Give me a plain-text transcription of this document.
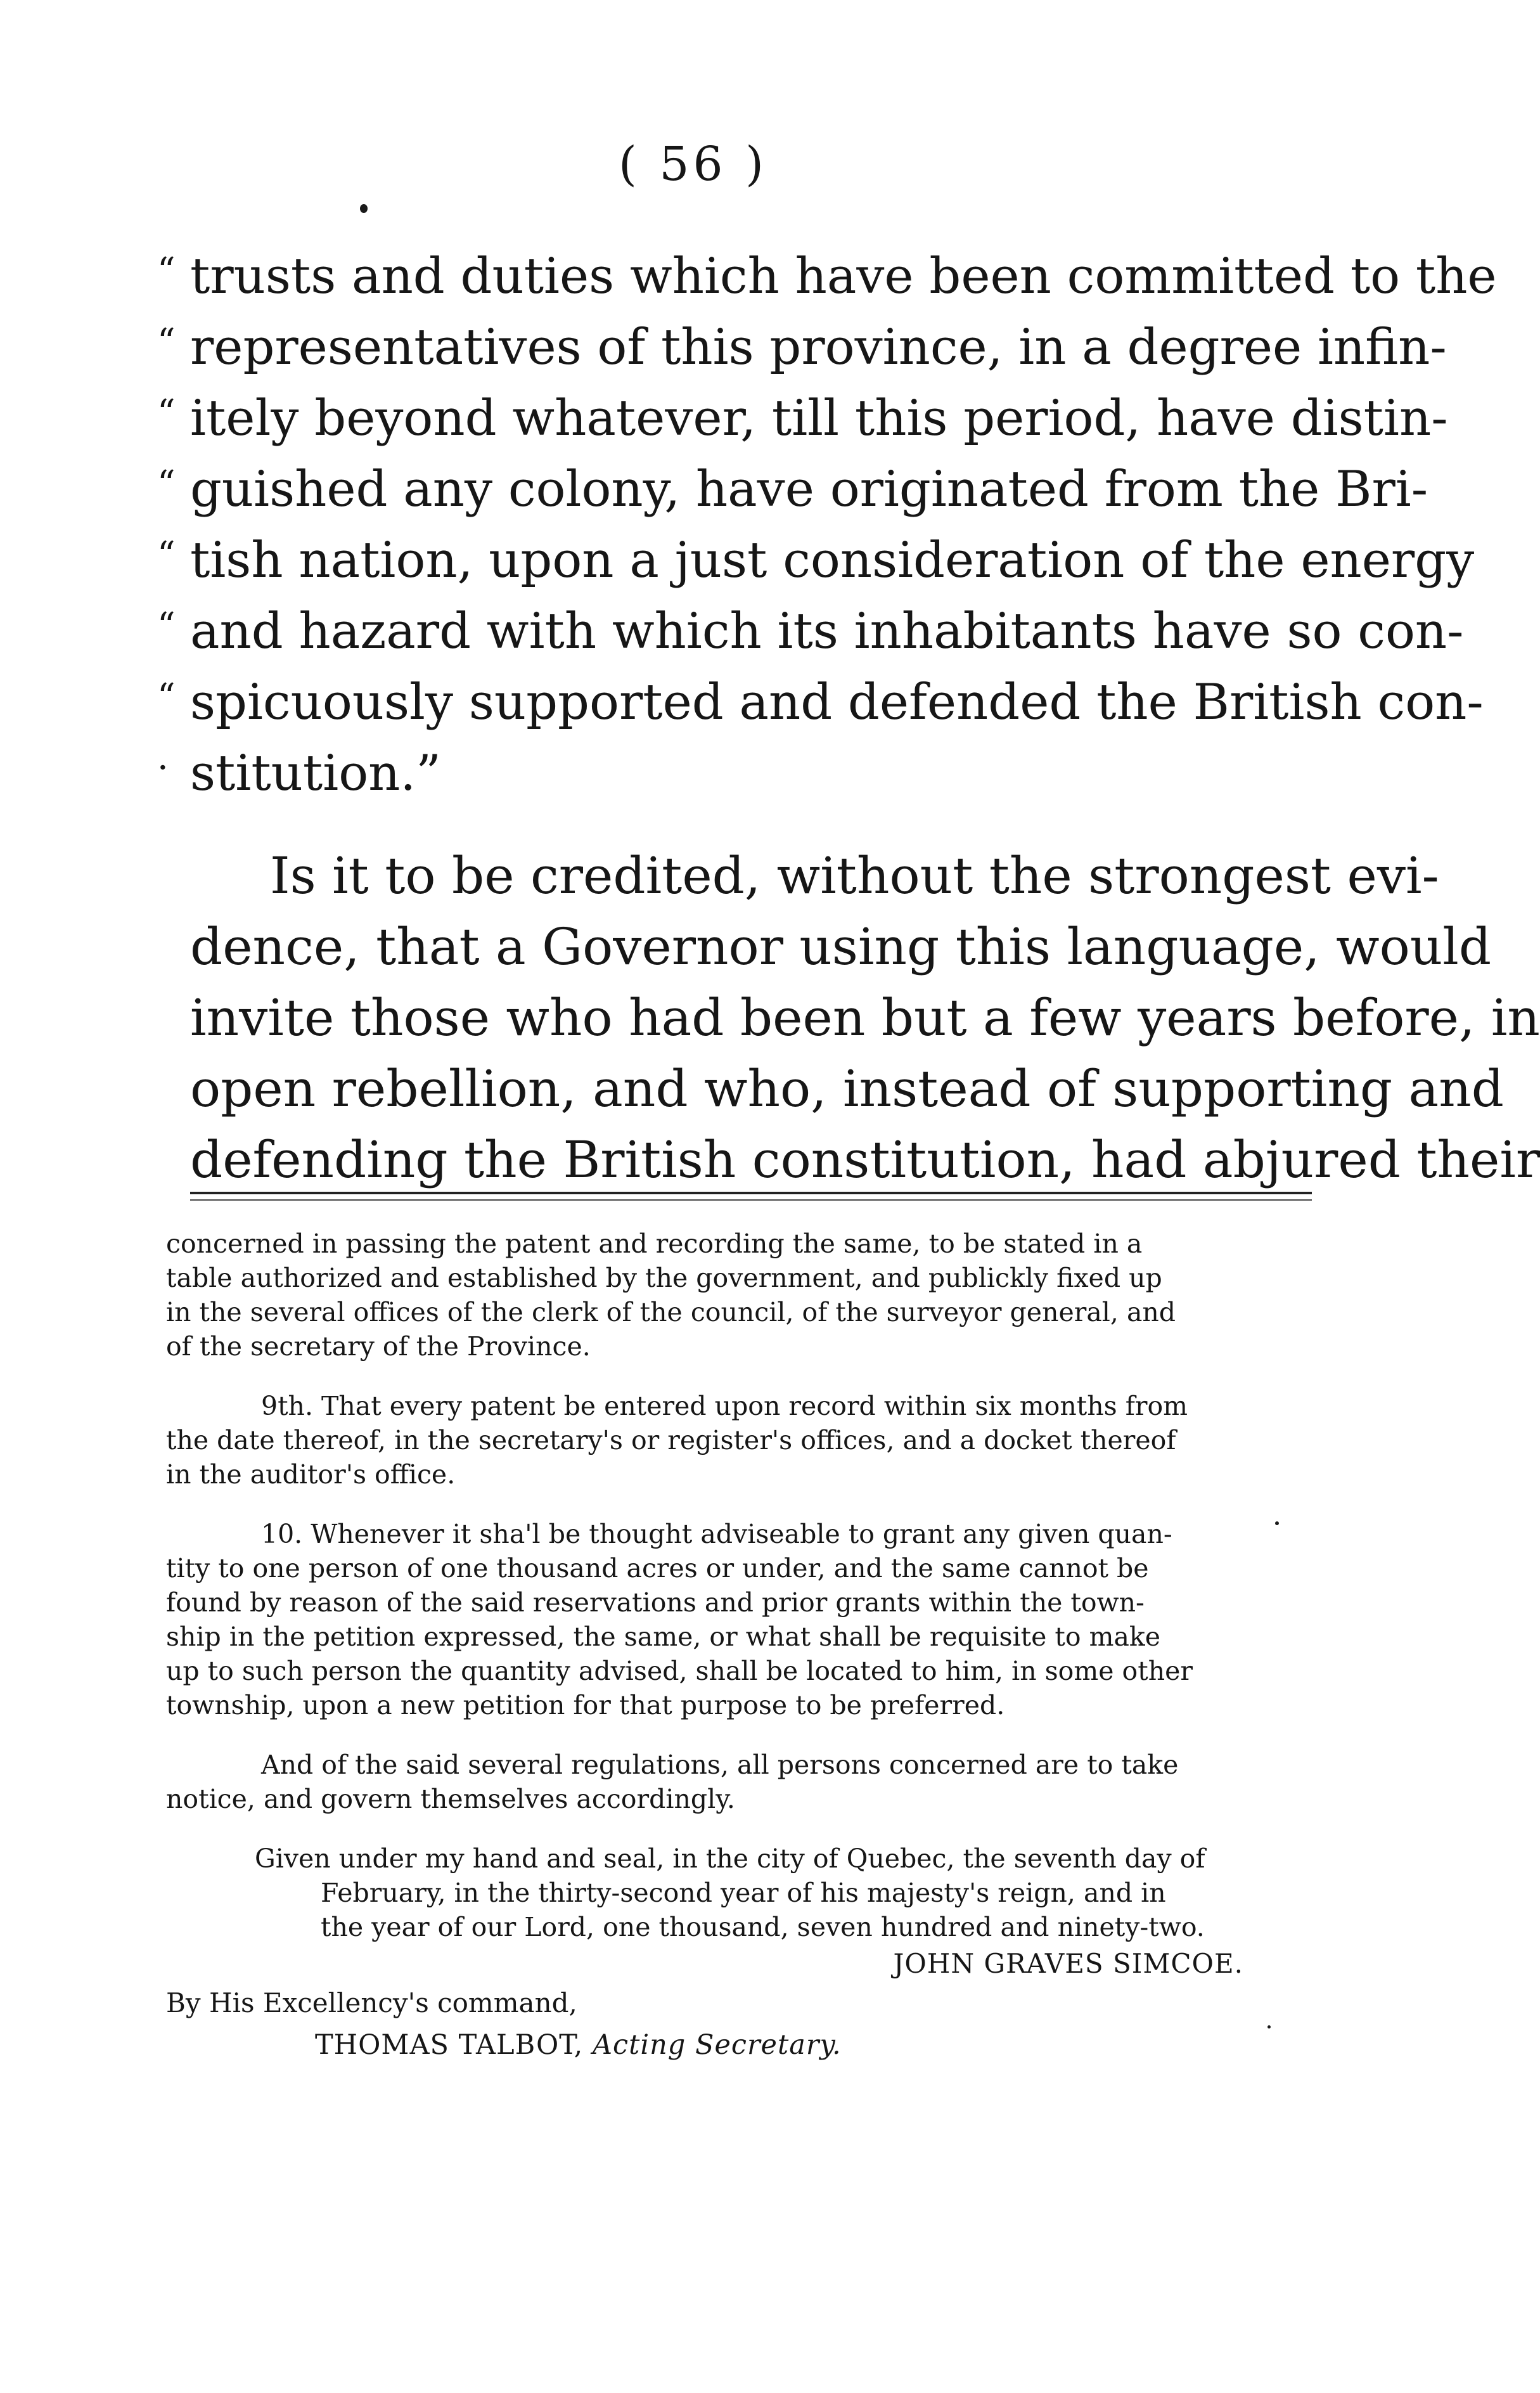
( 56 )
“ trusts and duties which have been committed to the
“ representatives of this province, in a degree infin-
“ itely beyond whatever, till this period, have distin-
“ guished any colony, have originated from the Bri-
“ tish nation, upon a just consideration of the energy
“ and hazard with which its inhabitants have so con-
“ spicuously supported and defended the British con-
· stitution.”
Is it to be credited, without the strongest evi-
dence, that a Governor using this language, would
invite those who had been but a few years before, in
open rebellion, and who, instead of supporting and
defending the British constitution, had abjured their
concerned in passing the patent and recording the same, to be stated in a
table authorized and established by the government, and publickly fixed up
in the several offices of the clerk of the council, of the surveyor general, and
of the secretary of the Province.
9th. That every patent be entered upon record within six months from
the date thereof, in the secretary's or register's offices, and a docket thereof
in the auditor's office.
10. Whenever it sha'l be thought adviseable to grant any given quan-
tity to one person of one thousand acres or under, and the same cannot be
found by reason of the said reservations and prior grants within the town-
ship in the petition expressed, the same, or what shall be requisite to make
up to such person the quantity advised, shall be located to him, in some other
township, upon a new petition for that purpose to be preferred.
And of the said several regulations, all persons concerned are to take
notice, and govern themselves accordingly.
Given under my hand and seal, in the city of Quebec, the seventh day of
February, in the thirty-second year of his majesty's reign, and in
the year of our Lord, one thousand, seven hundred and ninety-two.
JOHN GRAVES SIMCOE.
By His Excellency's command,
THOMAS TALBOT, Acting Secretary.
